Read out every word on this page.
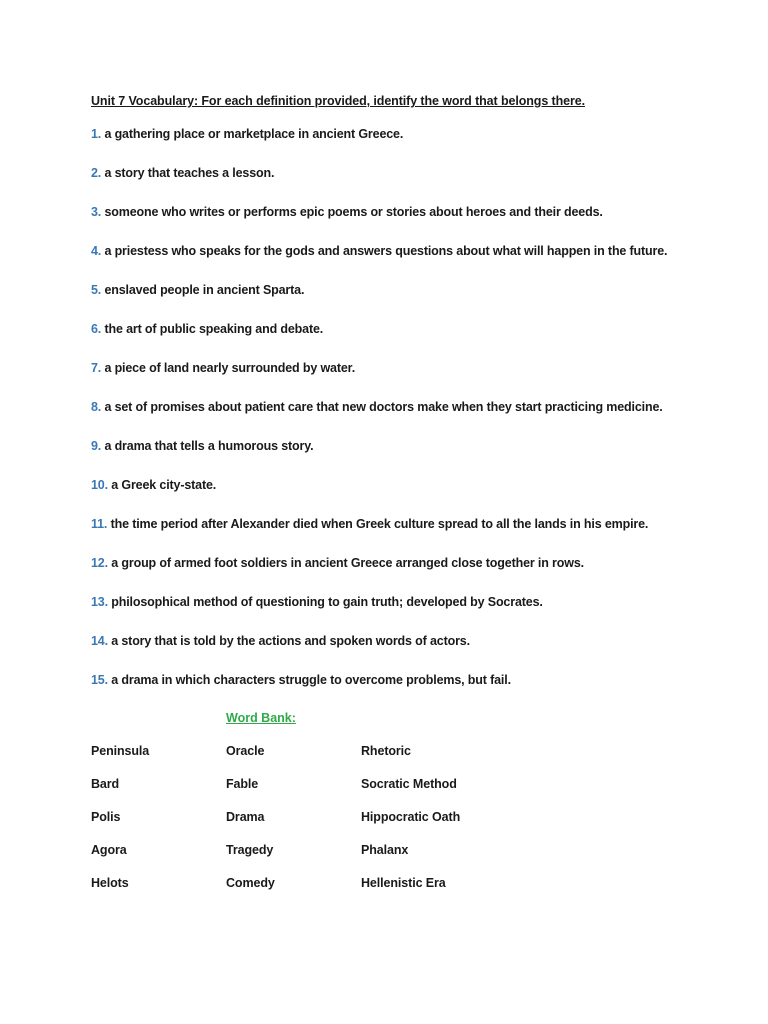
Unit 7 Vocabulary: For each definition provided, identify the word that belongs there.
1. a gathering place or marketplace in ancient Greece.
2. a story that teaches a lesson.
3. someone who writes or performs epic poems or stories about heroes and their deeds.
4. a priestess who speaks for the gods and answers questions about what will happen in the future.
5. enslaved people in ancient Sparta.
6. the art of public speaking and debate.
7. a piece of land nearly surrounded by water.
8. a set of promises about patient care that new doctors make when they start practicing medicine.
9. a drama that tells a humorous story.
10. a Greek city-state.
11. the time period after Alexander died when Greek culture spread to all the lands in his empire.
12. a group of armed foot soldiers in ancient Greece arranged close together in rows.
13. philosophical method of questioning to gain truth; developed by Socrates.
14. a story that is told by the actions and spoken words of actors.
15. a drama in which characters struggle to overcome problems, but fail.
Word Bank:
Peninsula	Oracle	Rhetoric
Bard	Fable	Socratic Method
Polis	Drama	Hippocratic Oath
Agora	Tragedy	Phalanx
Helots	Comedy	Hellenistic Era
